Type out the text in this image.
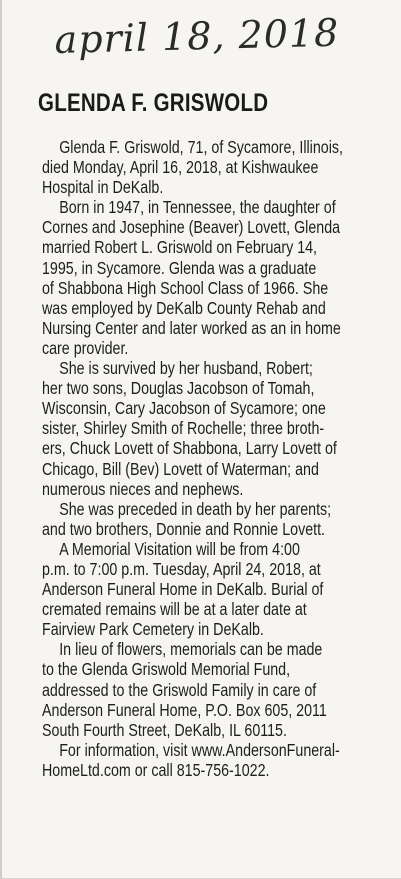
april 18, 2018
GLENDA F. GRISWOLD
Glenda F. Griswold, 71, of Sycamore, Illinois,
died Monday, April 16, 2018, at Kishwaukee
Hospital in DeKalb.
Born in 1947, in Tennessee, the daughter of
Cornes and Josephine (Beaver) Lovett, Glenda
married Robert L. Griswold on February 14,
1995, in Sycamore. Glenda was a graduate
of Shabbona High School Class of 1966. She
was employed by DeKalb County Rehab and
Nursing Center and later worked as an in home
care provider.
She is survived by her husband, Robert;
her two sons, Douglas Jacobson of Tomah,
Wisconsin, Cary Jacobson of Sycamore; one
sister, Shirley Smith of Rochelle; three broth-
ers, Chuck Lovett of Shabbona, Larry Lovett of
Chicago, Bill (Bev) Lovett of Waterman; and
numerous nieces and nephews.
She was preceded in death by her parents;
and two brothers, Donnie and Ronnie Lovett.
A Memorial Visitation will be from 4:00
p.m. to 7:00 p.m. Tuesday, April 24, 2018, at
Anderson Funeral Home in DeKalb. Burial of
cremated remains will be at a later date at
Fairview Park Cemetery in DeKalb.
In lieu of flowers, memorials can be made
to the Glenda Griswold Memorial Fund,
addressed to the Griswold Family in care of
Anderson Funeral Home, P.O. Box 605, 2011
South Fourth Street, DeKalb, IL 60115.
For information, visit www.AndersonFuneral-
HomeLtd.com or call 815-756-1022.
